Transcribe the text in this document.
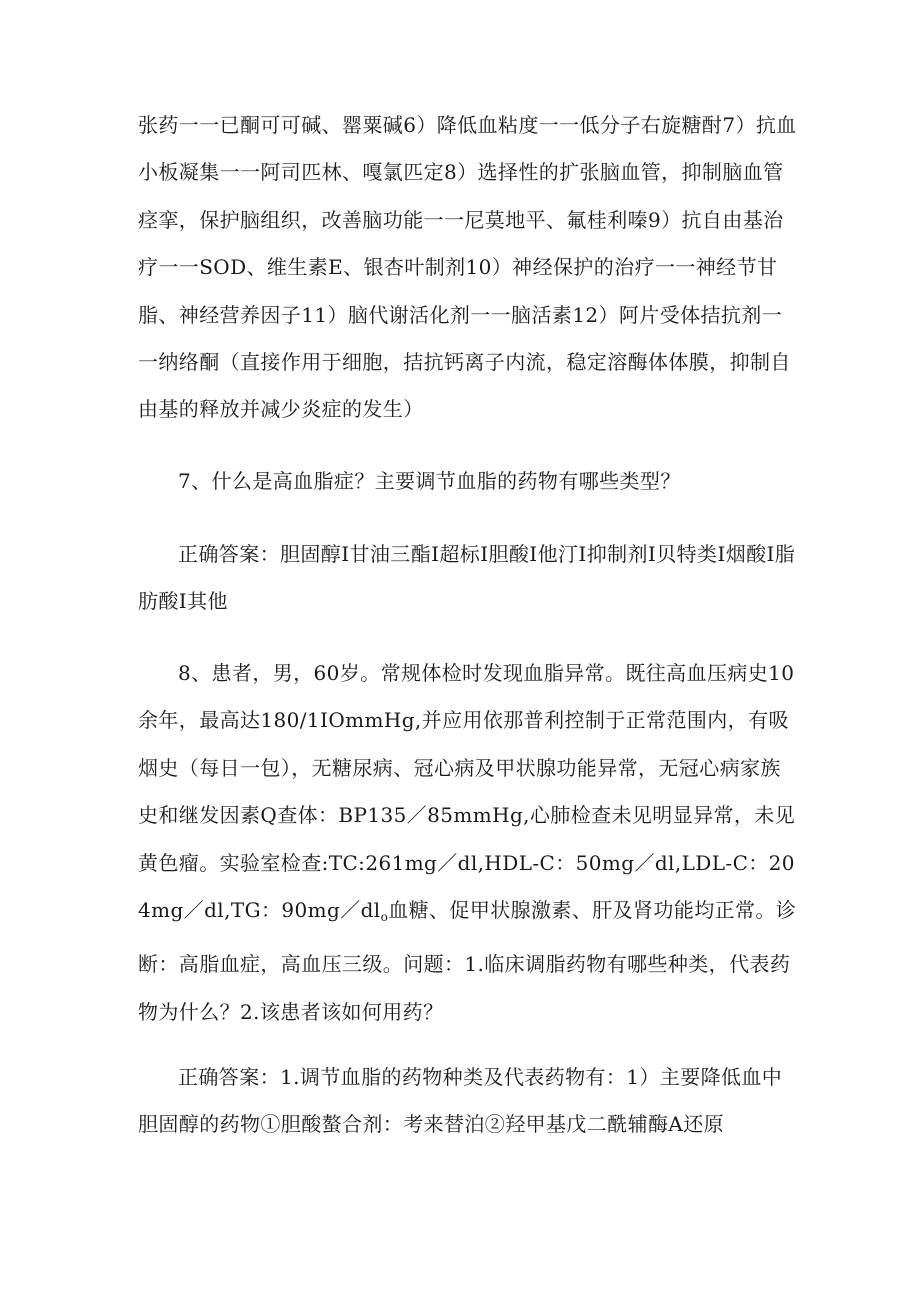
张药一一已酮可可碱、罂粟碱6）降低血粘度一一低分子右旋糖酎7）抗血小板凝集一一阿司匹林、嘎氯匹定8）选择性的扩张脑血管，抑制脑血管痉挛，保护脑组织，改善脑功能一一尼莫地平、氟桂利嗪9）抗自由基治疗一一SOD、维生素E、银杏叶制剂10）神经保护的治疗一一神经节甘脂、神经营养因子11）脑代谢活化剂一一脑活素12）阿片受体拮抗剂一一纳络酮（直接作用于细胞，拮抗钙离子内流，稳定溶酶体体膜，抑制自由基的释放并减少炎症的发生）

7、什么是高血脂症？主要调节血脂的药物有哪些类型？

正确答案：胆固醇I甘油三酯I超标I胆酸I他汀I抑制剂I贝特类I烟酸I脂肪酸I其他

8、患者，男，60岁。常规体检时发现血脂异常。既往高血压病史10余年，最高达180/1IOmmHg,并应用依那普利控制于正常范围内，有吸烟史（每日一包），无糖尿病、冠心病及甲状腺功能异常，无冠心病家族史和继发因素Q查体：BP135／85mmHg,心肺检查未见明显异常，未见黄色瘤。实验室检查:TC:261mg／dl,HDL-C：50mg／dl,LDL-C：204mg／dl,TG：$90mg/dl_o$血糖、促甲状腺激素、肝及肾功能均正常。诊断：高脂血症，高血压三级。问题：1.临床调脂药物有哪些种类，代表药物为什么？2.该患者该如何用药？

正确答案：1.调节血脂的药物种类及代表药物有：1）主要降低血中胆固醇的药物①胆酸螯合剂：考来替泊②羟甲基戊二酰辅酶A还原
